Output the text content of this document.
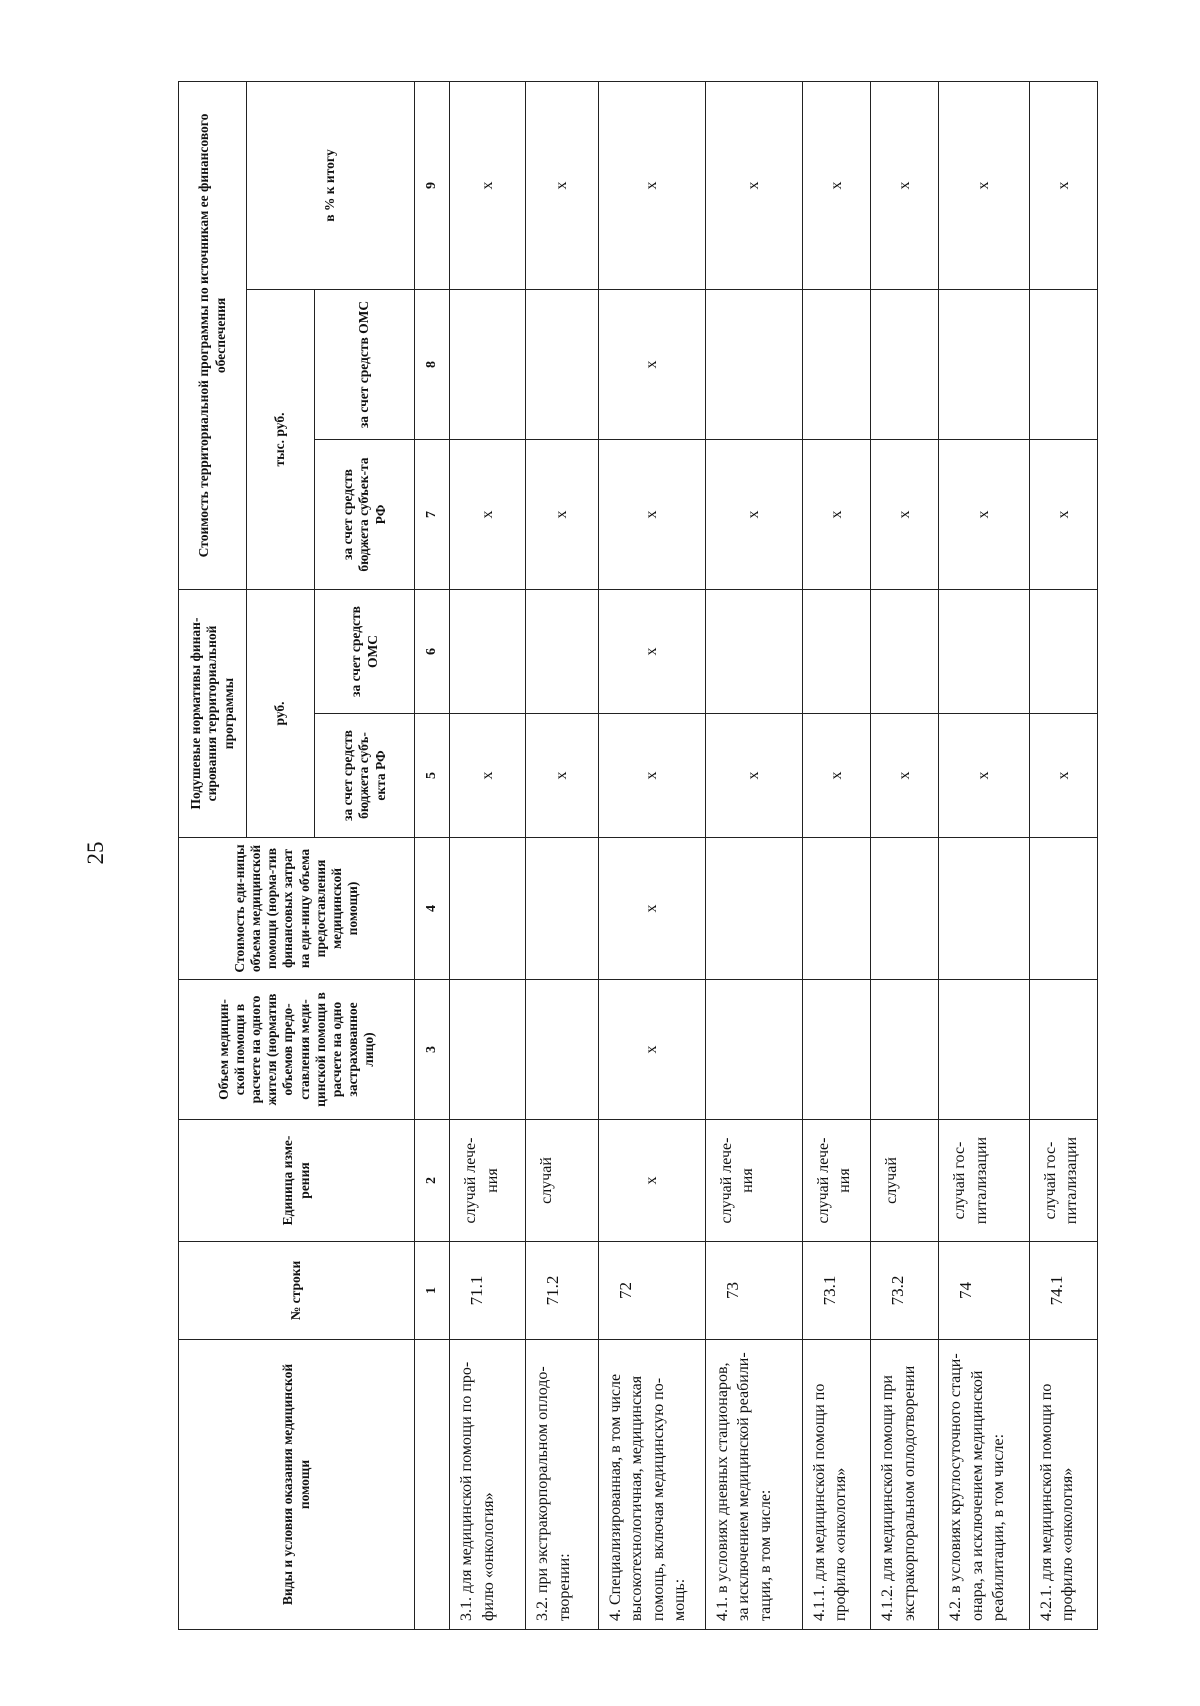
25
Виды и условия оказания медицинской помощи	№ строки	Единица изме-рения	Объем медицин-ской помощи в расчете на одного жителя (норматив объемов предо-ставления меди-цинской помощи в расчете на одно застрахованное лицо)	Стоимость еди-ницы объема медицинской помощи (норма-тив финансовых затрат на еди-ницу объема предоставления медицинской помощи)	Подушевые нормативы финан-сирования территориальной программы		Стоимость территориальной программы по источникам ее финансового обеспечения		
					руб.		тыс. руб.		в % к итогу
					за счет средств бюджета субъ-екта РФ	за счет средств ОМС	за счет средств бюджета субъек-та РФ	за счет средств ОМС	
	1	2	3	4	5	6	7	8	9
3.1. для медицинской помощи по про-филю «онкология»	71.1	случай лече-ния			х		х		х
3.2. при экстракорпоральном оплодо-творении:	71.2	случай			х		х		х
4. Специализированная, в том числе высокотехнологичная, медицинская помощь, включая медицинскую по-мощь:	72	х	х	х	х	х	х	х	х
4.1. в условиях дневных стационаров, за исключением медицинской реабили-тации, в том числе:	73	случай лече-ния			х		х		х
4.1.1. для медицинской помощи по профилю «онкология»	73.1	случай лече-ния			х		х		х
4.1.2. для медицинской помощи при экстракорпоральном оплодотворении	73.2	случай			х		х		х
4.2. в условиях круглосуточного стаци-онара, за исключением медицинской реабилитации, в том числе:	74	случай гос-питализации			х		х		х
4.2.1. для медицинской помощи по профилю «онкология»	74.1	случай гос-питализации			х		х		х
